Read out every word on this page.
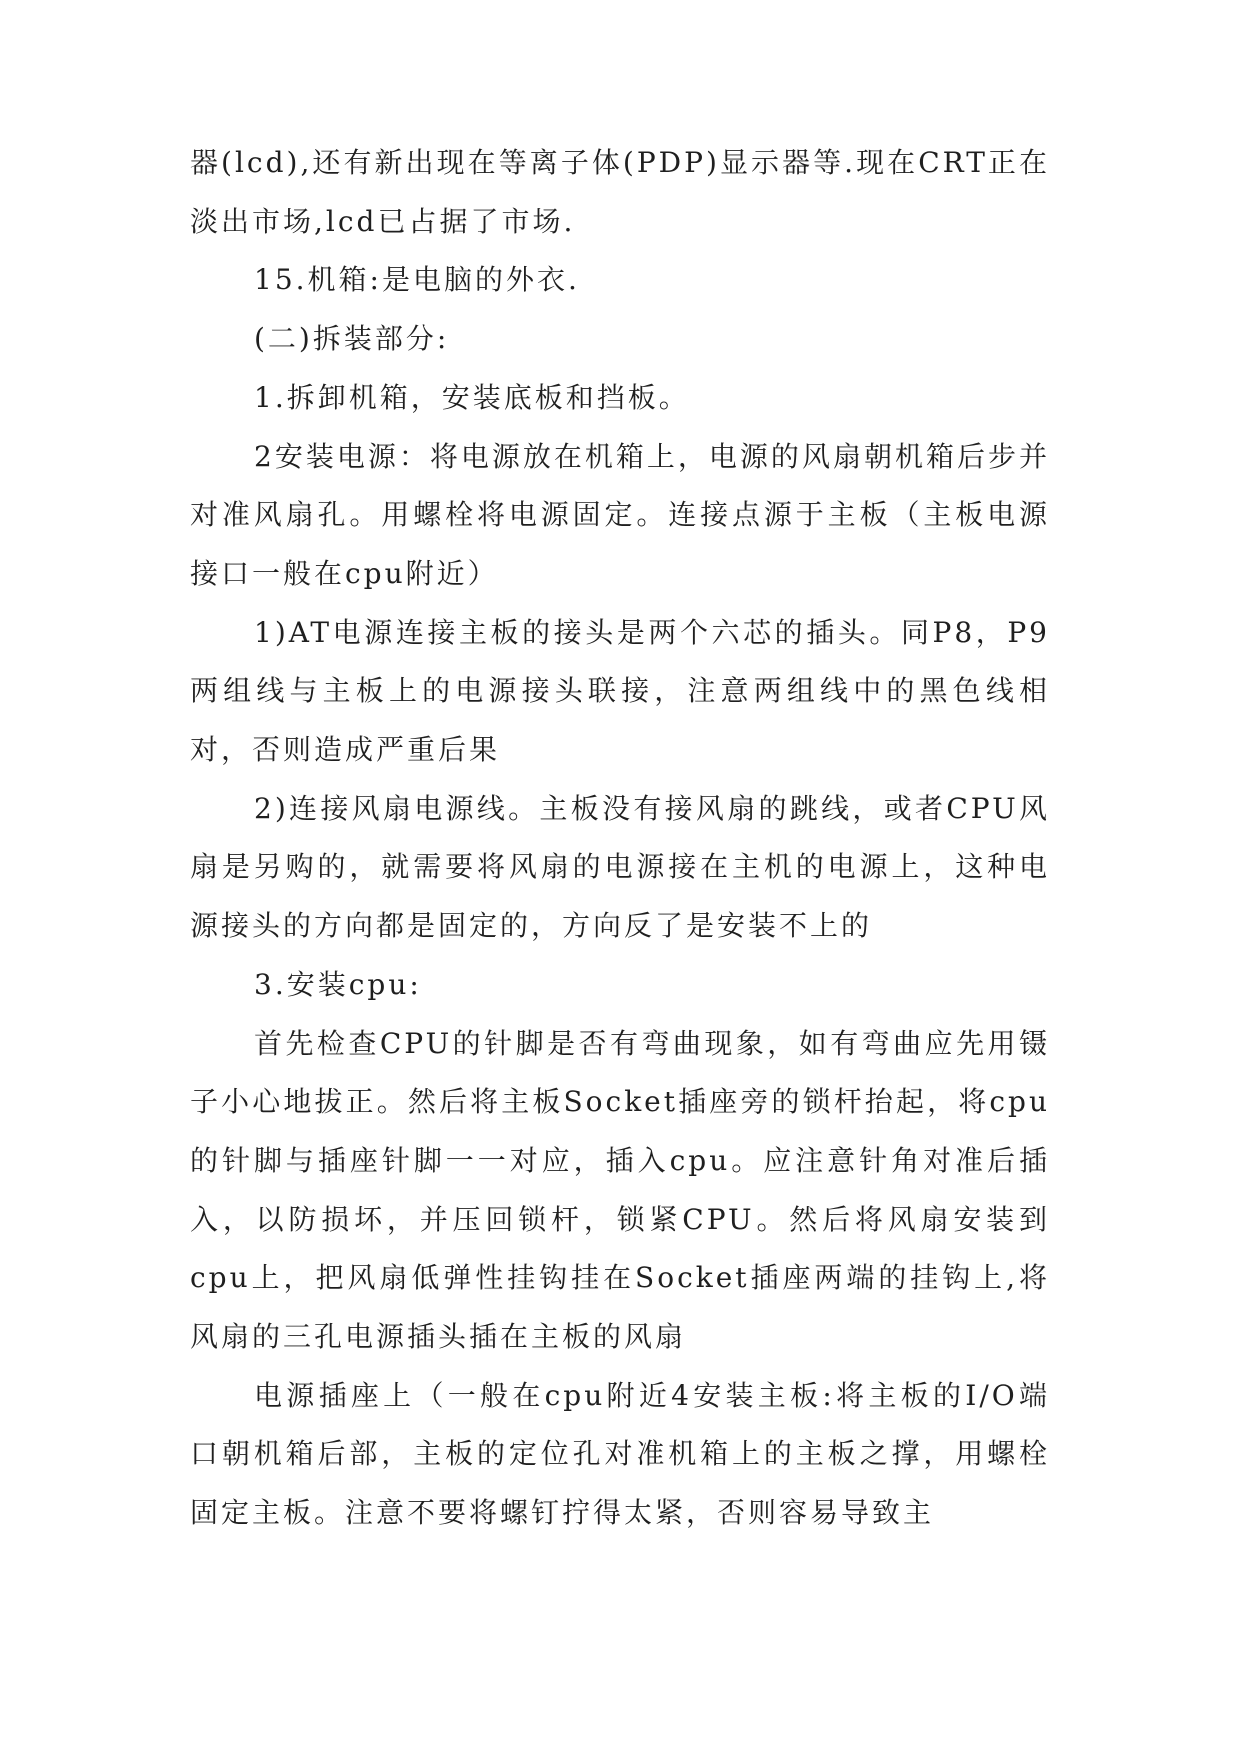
器(lcd),还有新出现在等离子体(PDP)显示器等.现在CRT正在淡出市场,lcd已占据了市场.

15.机箱:是电脑的外衣.

(二)拆装部分:

1.拆卸机箱，安装底板和挡板。

2安装电源：将电源放在机箱上，电源的风扇朝机箱后步并对准风扇孔。用螺栓将电源固定。连接点源于主板（主板电源接口一般在cpu附近）

1)AT电源连接主板的接头是两个六芯的插头。同P8，P9两组线与主板上的电源接头联接，注意两组线中的黑色线相对，否则造成严重后果

2)连接风扇电源线。主板没有接风扇的跳线，或者CPU风扇是另购的，就需要将风扇的电源接在主机的电源上，这种电源接头的方向都是固定的，方向反了是安装不上的

3.安装cpu:

首先检查CPU的针脚是否有弯曲现象，如有弯曲应先用镊子小心地拔正。然后将主板Socket插座旁的锁杆抬起，将cpu的针脚与插座针脚一一对应，插入cpu。应注意针角对准后插入，以防损坏，并压回锁杆，锁紧CPU。然后将风扇安装到cpu上，把风扇低弹性挂钩挂在Socket插座两端的挂钩上,将风扇的三孔电源插头插在主板的风扇

电源插座上（一般在cpu附近4安装主板:将主板的I/O端口朝机箱后部，主板的定位孔对准机箱上的主板之撑，用螺栓固定主板。注意不要将螺钉拧得太紧，否则容易导致主
